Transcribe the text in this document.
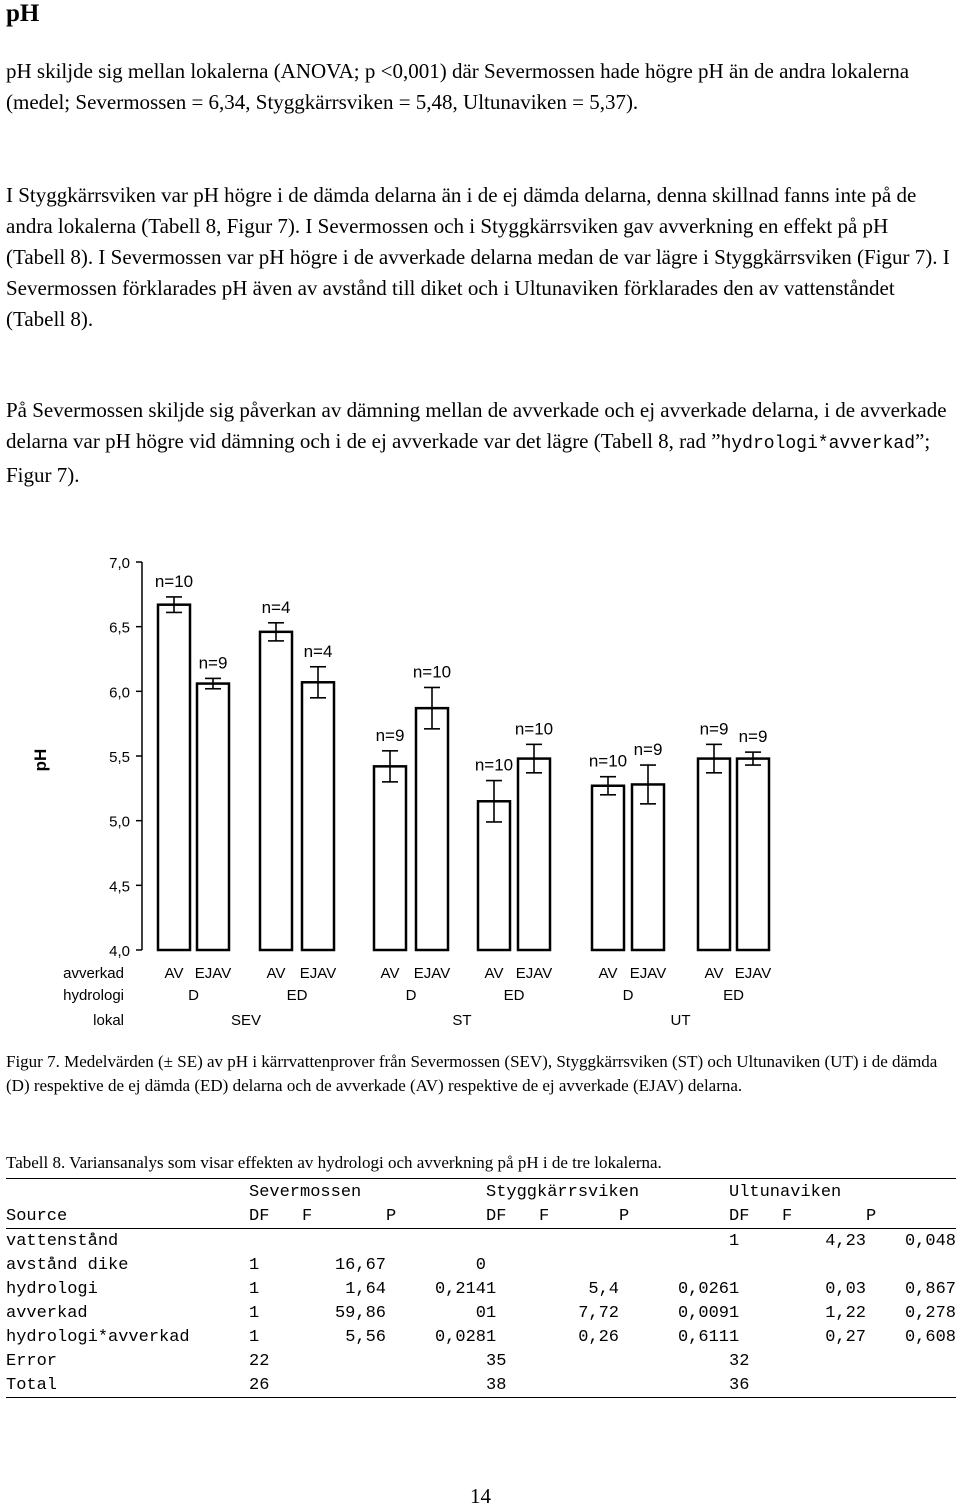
pH

pH skiljde sig mellan lokalerna (ANOVA; p <0,001) där Severmossen hade högre pH än de andra lokalerna (medel; Severmossen = 6,34, Styggkärrsviken = 5,48, Ultunaviken = 5,37).

I Styggkärrsviken var pH högre i de dämda delarna än i de ej dämda delarna, denna skillnad fanns inte på de andra lokalerna (Tabell 8, Figur 7). I Severmossen och i Styggkärrsviken gav avverkning en effekt på pH (Tabell 8). I Severmossen var pH högre i de avverkade delarna medan de var lägre i Styggkärrsviken (Figur 7). I Severmossen förklarades pH även av avstånd till diket och i Ultunaviken förklarades den av vattenståndet (Tabell 8).

På Severmossen skiljde sig påverkan av dämning mellan de avverkade och ej avverkade delarna, i de avverkade delarna var pH högre vid dämning och i de ej avverkade var det lägre (Tabell 8, rad ”hydrologi*avverkad”; Figur 7).

7,0
6,5
6,0
5,5
5,0
4,5
4,0
pH
n=10
n=9
n=4
n=4
n=9
n=10
n=10
n=10
n=10
n=9
n=9 n=9
avverkad
hydrologi
lokal
AV EJAV AV EJAV	AV EJAV AV EJAV	AV EJAV	AV EJAV
D	ED	D	ED	D	ED
SEV	ST	UT

Figur 7. Medelvärden (± SE) av pH i kärrvattenprover från Severmossen (SEV), Styggkärrsviken (ST) och Ultunaviken (UT) i de dämda (D) respektive de ej dämda (ED) delarna och de avverkade (AV) respektive de ej avverkade (EJAV) delarna.

Tabell 8. Variansanalys som visar effekten av hydrologi och avverkning på pH i de tre lokalerna.

	Severmossen			Styggkärrsviken			Ultunaviken		
Source	DF	F	P	DF	F	P	DF	F	P
vattenstånd							1	4,23	0,048
avstånd dike	1	16,67	0						
hydrologi	1	1,64	0,214	1	5,4	0,026	1	0,03	0,867
avverkad	1	59,86	0	1	7,72	0,009	1	1,22	0,278
hydrologi*avverkad	1	5,56	0,028	1	0,26	0,611	1	0,27	0,608
Error	22			35			32		
Total	26			38			36		
14
